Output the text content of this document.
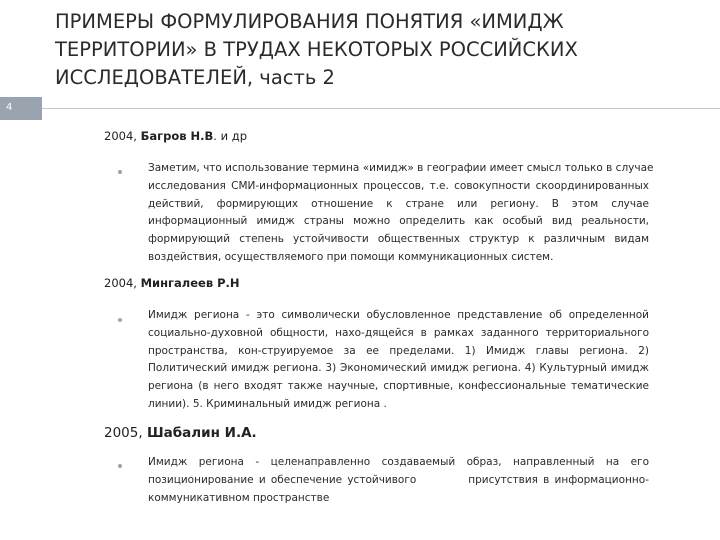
ПРИМЕРЫ ФОРМУЛИРОВАНИЯ ПОНЯТИЯ «ИМИДЖ
ТЕРРИТОРИИ» В ТРУДАХ НЕКОТОРЫХ РОССИЙСКИХ
ИССЛЕДОВАТЕЛЕЙ, часть 2
4
2004, Багров Н.В. и др
Заметим, что использование термина «имидж» в географии имеет смысл только в случае
исследования СМИ-информационных процессов, т.е. совокупности скоординированных
действий, формирующих отношение к стране или региону. В этом случае
информационный имидж страны можно определить как особый вид реальности,
формирующий степень устойчивости общественных структур к различным видам
воздействия, осуществляемого при помощи коммуникационных систем.
2004, Мингалеев Р.Н
Имидж региона - это символически обусловленное представление об определенной
социально-духовной общности, нахо-дящейся в рамках заданного территориального
пространства, кон-струируемое за ее пределами. 1) Имидж главы региона. 2)
Политический имидж региона. 3) Экономический имидж региона. 4) Культурный имидж
региона (в него входят также научные, спортивные, конфессиональные тематические
линии). 5. Криминальный имидж региона .
2005, Шабалин И.А.
Имидж региона - целенаправленно создаваемый образ, направленный на его
позиционирование и обеспечение устойчивого          присутствия в информационно-
коммуникативном пространстве
